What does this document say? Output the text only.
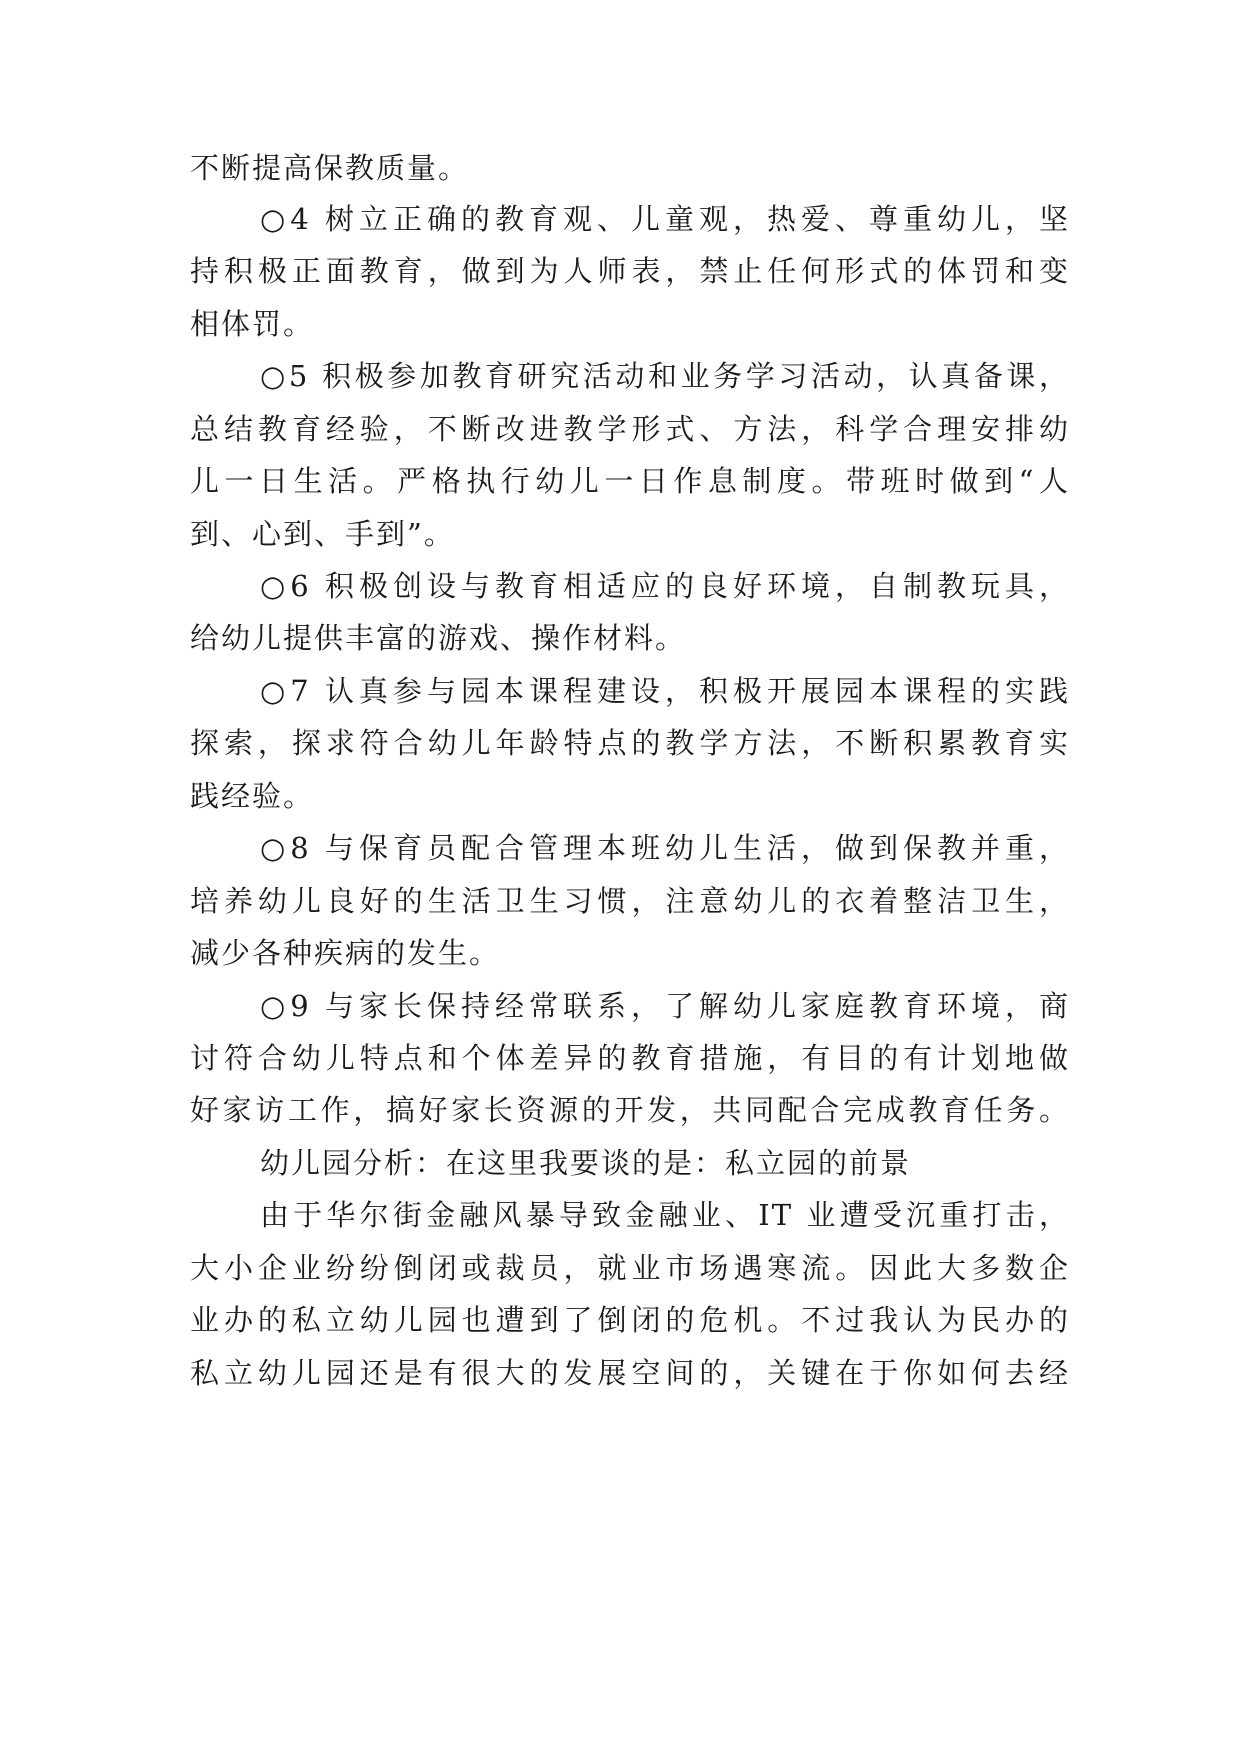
不断提高保教质量。
○4 树立正确的教育观、儿童观，热爱、尊重幼儿，坚
持积极正面教育，做到为人师表，禁止任何形式的体罚和变
相体罚。
○5 积极参加教育研究活动和业务学习活动，认真备课，
总结教育经验，不断改进教学形式、方法，科学合理安排幼
儿一日生活。严格执行幼儿一日作息制度。带班时做到“人
到、心到、手到”。
○6 积极创设与教育相适应的良好环境，自制教玩具，
给幼儿提供丰富的游戏、操作材料。
○7 认真参与园本课程建设，积极开展园本课程的实践
探索，探求符合幼儿年龄特点的教学方法，不断积累教育实
践经验。
○8 与保育员配合管理本班幼儿生活，做到保教并重，
培养幼儿良好的生活卫生习惯，注意幼儿的衣着整洁卫生，
减少各种疾病的发生。
○9 与家长保持经常联系，了解幼儿家庭教育环境，商
讨符合幼儿特点和个体差异的教育措施，有目的有计划地做
好家访工作，搞好家长资源的开发，共同配合完成教育任务。
幼儿园分析：在这里我要谈的是：私立园的前景
由于华尔街金融风暴导致金融业、IT 业遭受沉重打击，
大小企业纷纷倒闭或裁员，就业市场遇寒流。因此大多数企
业办的私立幼儿园也遭到了倒闭的危机。不过我认为民办的
私立幼儿园还是有很大的发展空间的，关键在于你如何去经
